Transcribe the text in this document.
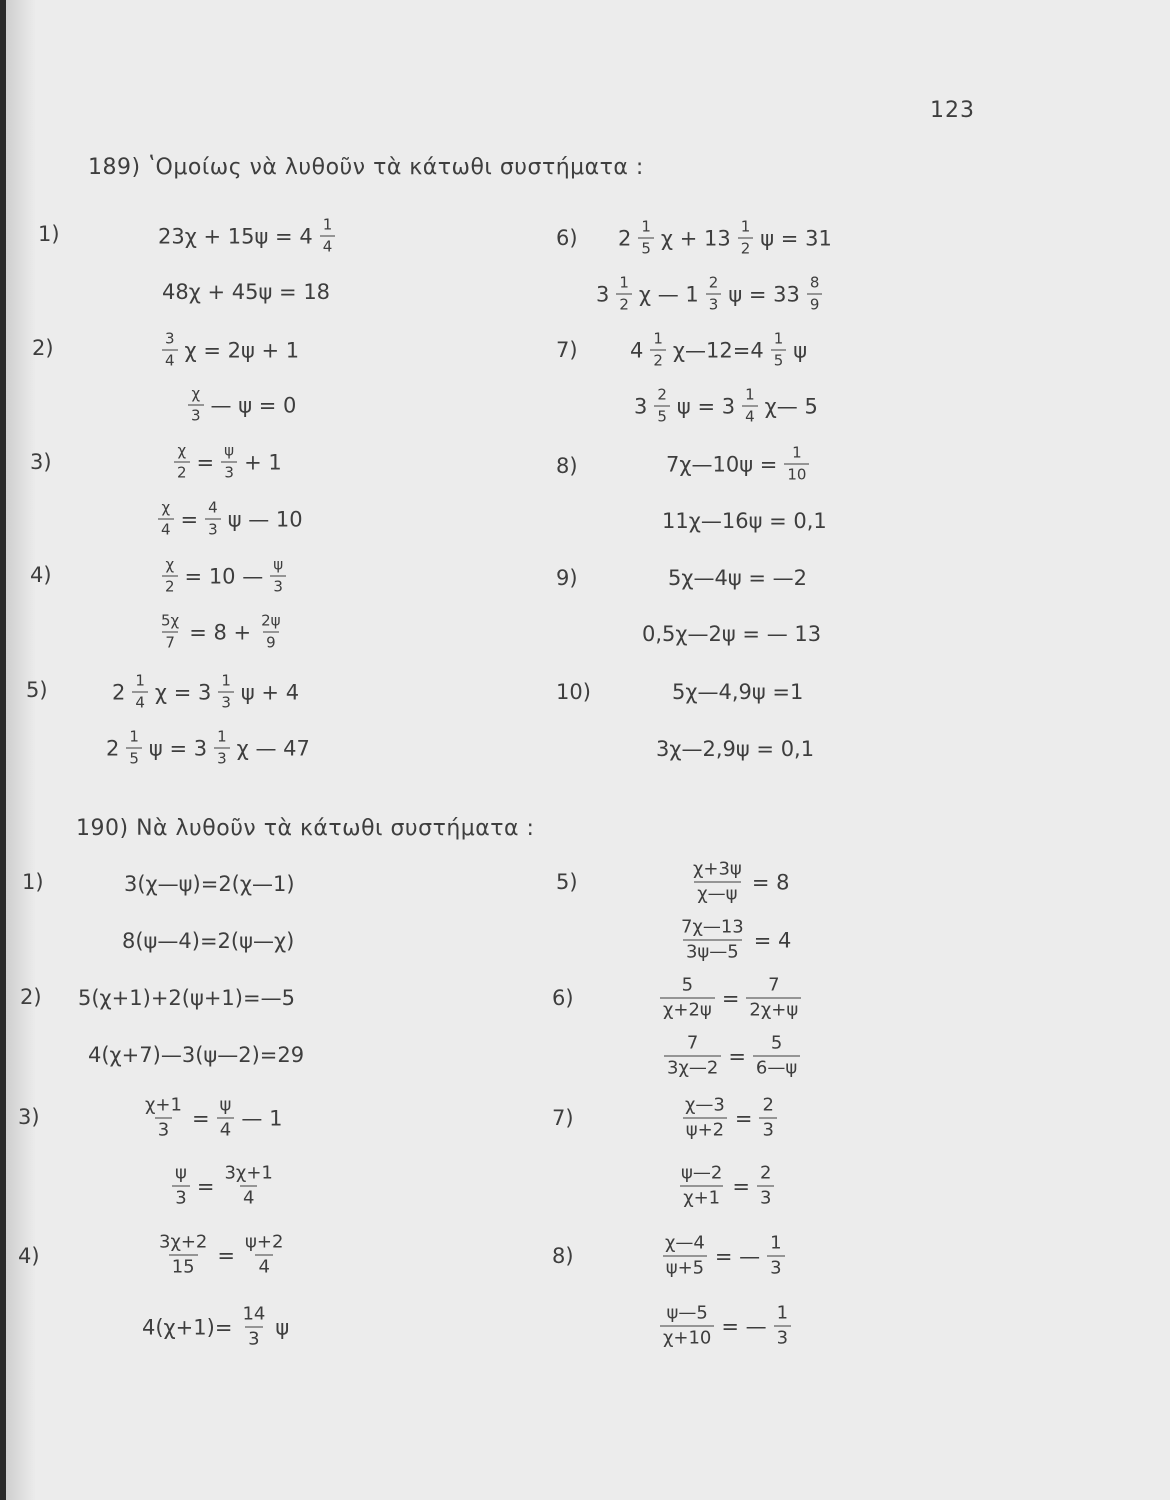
123
189) ʽΟμοίως νὰ λυθοῦν τὰ κάτωθι συστήματα :
190) Νὰ λυθοῦν τὰ κάτωθι συστήματα :
1)	$23\chi + 15\psi = 4 \frac{1}{4}$
48χ + 45ψ = 18
2)	$\frac{3}{4}$ χ = 2ψ + 1
$\frac{\chi}{3}$ — ψ = 0
3)	$\frac{\chi}{2} = \frac{\psi}{3} + 1$
$\frac{\chi}{4} = \frac{4}{3}$ ψ — 10
4)	$\frac{\chi}{2} = 10$ — $\frac{\psi}{3}$
$\frac{5\chi}{7} = 8 + \frac{2\psi}{9}$
5)	$2 \frac{1}{4}$ $\chi = 3 \frac{1}{3}$ ψ + 4
$2 \frac{1}{5}$ $\psi = 3 \frac{1}{3}$ χ — 47
6) $2 \frac{1}{5}$ $\chi + 13 \frac{1}{2}$ ψ = 31
$3 \frac{1}{2}$ χ — $1 \frac{2}{3}$ $\psi = 33 \frac{8}{9}$
7) $4 \frac{1}{2}$ χ—12=4 $\frac{1}{5}$ ψ
$3 \frac{2}{5}$ $\psi = 3 \frac{1}{4}$ χ— 5
8)	7χ—10ψ = $\frac{1}{10}$
11χ—16ψ = 0,1
9)	5χ—4ψ = —2
0,5χ—2ψ = — 13
10)	5χ—4,9ψ =1
3χ—2,9ψ = 0,1
1)	3(χ—ψ)=2(χ—1)
8(ψ—4)=2(ψ—χ)
2) 5(χ+1)+2(ψ+1)=—5
4(χ+7)—3(ψ—2)=29
3)	$\frac{\chi+1}{3} = \frac{\psi}{4}$ — 1
$\frac{\psi}{3} = \frac{3\chi+1}{4}$
4)	$\frac{3\chi+2}{15} = \frac{\psi+2}{4}$
$4(\chi+1)= \frac{14}{3}$ ψ
5)	$\frac{\chi+3\psi}{\chi—\psi} = 8$
$\frac{7\chi—13}{3\psi—5} = 4$
6)	$\frac{5}{\chi+2\psi} = \frac{7}{2\chi+\psi}$
$\frac{7}{3\chi—2} = \frac{5}{6—\psi}$
7)	$\frac{\chi—3}{\psi+2} = \frac{2}{3}$
$\frac{\psi—2}{\chi+1} = \frac{2}{3}$
8)	$\frac{\chi—4}{\psi+5}$ = — $\frac{1}{3}$
$\frac{\psi—5}{\chi+10}$ = — $\frac{1}{3}$
